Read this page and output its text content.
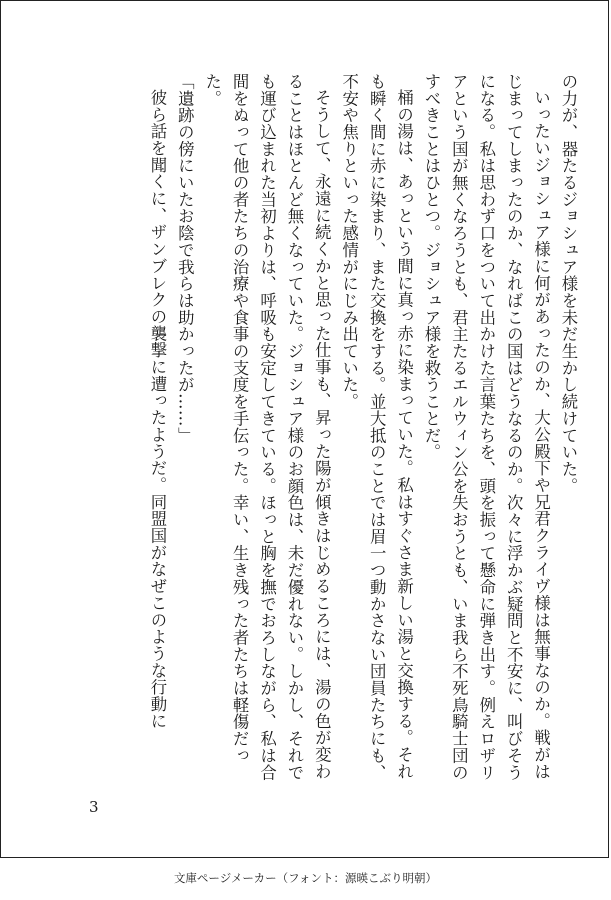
の力が、器たるジョシュア様を未だ生かし続けていた。

いったいジョシュア様に何があったのか、大公殿下や兄君クライヴ様は無事なのか。戦がはじまってしまったのか、なればこの国はどうなるのか。次々に浮かぶ疑問と不安に、叫びそうになる。私は思わず口をついて出かけた言葉たちを、頭を振って懸命に弾き出す。例えロザリアという国が無くなろうとも、君主たるエルウィン公を失おうとも、いま我ら不死鳥騎士団のすべきことはひとつ。ジョシュア様を救うことだ。

桶の湯は、あっという間に真っ赤に染まっていた。私はすぐさま新しい湯と交換する。それも瞬く間に赤に染まり、また交換をする。並大抵のことでは眉一つ動かさない団員たちにも、不安や焦りといった感情がにじみ出ていた。

そうして、永遠に続くかと思った仕事も、昇った陽が傾きはじめるころには、湯の色が変わることはほとんど無くなっていた。ジョシュア様のお顔色は、未だ優れない。しかし、それでも運び込まれた当初よりは、呼吸も安定してきている。ほっと胸を撫でおろしながら、私は合間をぬって他の者たちの治療や食事の支度を手伝った。幸い、生き残った者たちは軽傷だった。

「遺跡の傍にいたお陰で我らは助かったが……」

彼ら話を聞くに、ザンブレクの襲撃に遭ったようだ。同盟国がなぜこのような行動に

3
文庫ページメーカー（フォント：源暎こぶり明朝）
